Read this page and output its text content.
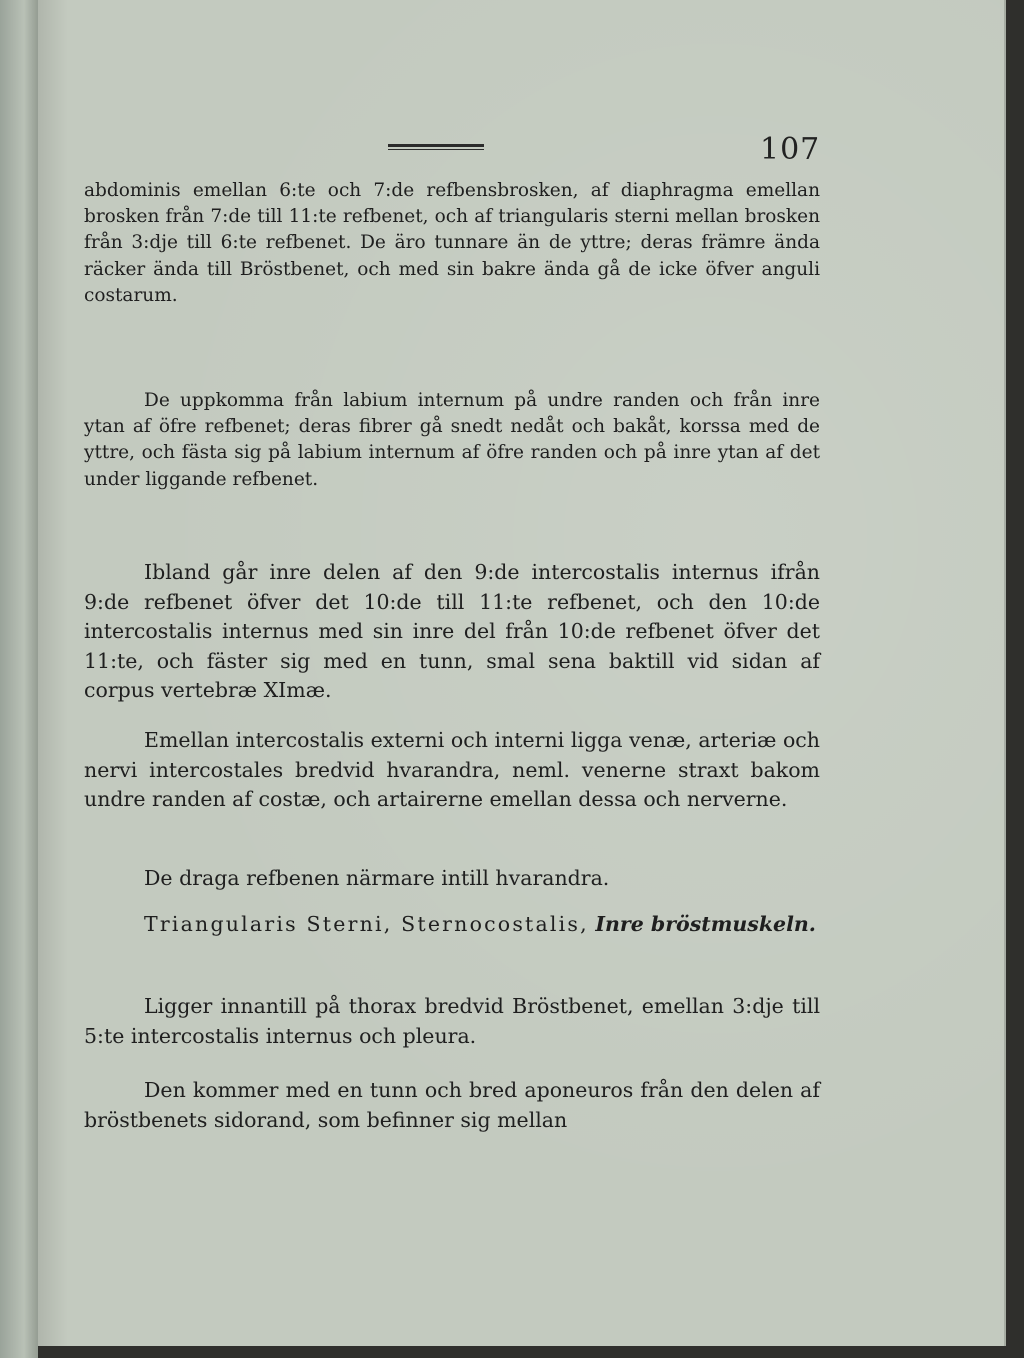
107

abdominis emellan 6:te och 7:de refbensbrosken, af diaphragma emellan brosken från 7:de till 11:te refbenet, och af triangularis sterni mellan brosken från 3:dje till 6:te refbenet. De äro tunnare än de yttre; deras främre ända räcker ända till Bröstbenet, och med sin bakre ända gå de icke öfver anguli costarum.

De uppkomma från labium internum på undre randen och från inre ytan af öfre refbenet; deras fibrer gå snedt nedåt och bakåt, korssa med de yttre, och fästa sig på labium internum af öfre randen och på inre ytan af det under liggande refbenet.

Ibland går inre delen af den 9:de intercostalis internus ifrån 9:de refbenet öfver det 10:de till 11:te refbenet, och den 10:de intercostalis internus med sin inre del från 10:de refbenet öfver det 11:te, och fäster sig med en tunn, smal sena baktill vid sidan af corpus vertebræ XImæ.

Emellan intercostalis externi och interni ligga venæ, arteriæ och nervi intercostales bredvid hvarandra, neml. venerne straxt bakom undre randen af costæ, och artairerne emellan dessa och nerverne.

De draga refbenen närmare intill hvarandra.

Triangularis Sterni, Sternocostalis, Inre bröstmuskeln.

Ligger innantill på thorax bredvid Bröstbenet, emellan 3:dje till 5:te intercostalis internus och pleura.

Den kommer med en tunn och bred aponeuros från den delen af bröstbenets sidorand, som befinner sig mellan
